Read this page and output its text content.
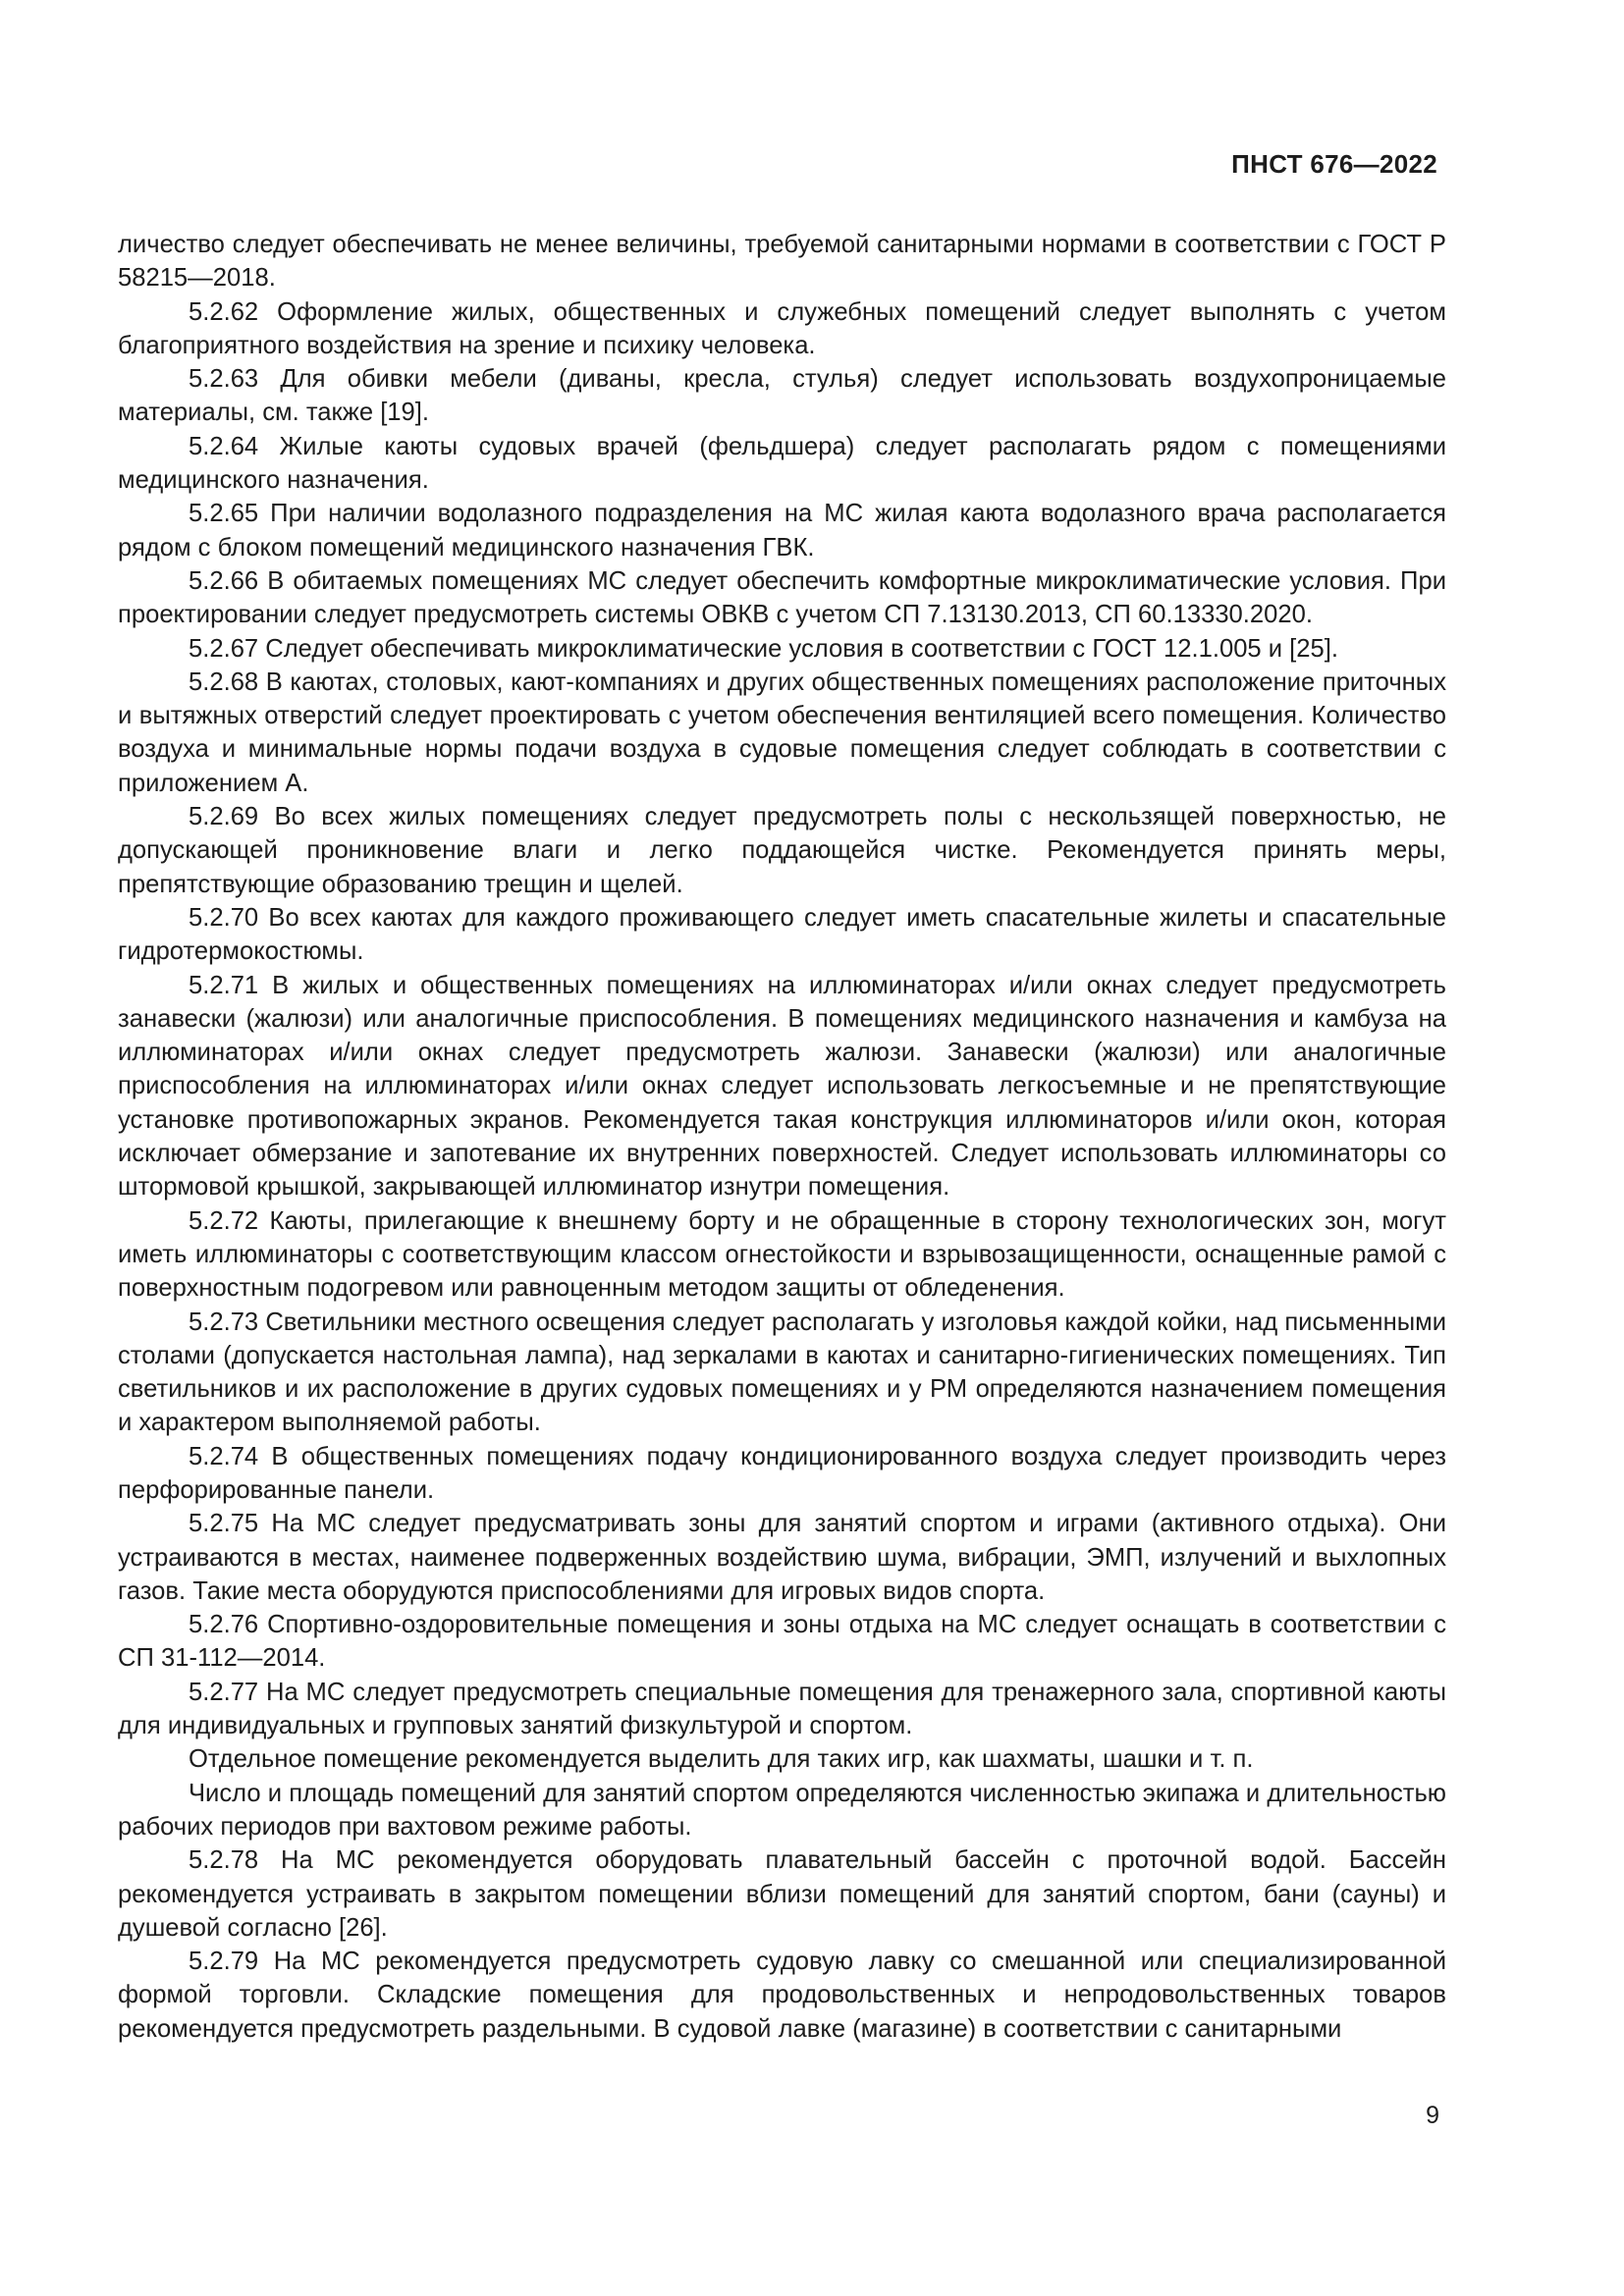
ПНСТ 676—2022

личество следует обеспечивать не менее величины, требуемой санитарными нормами в соответствии с ГОСТ Р 58215—2018.

5.2.62 Оформление жилых, общественных и служебных помещений следует выполнять с учетом благоприятного воздействия на зрение и психику человека.

5.2.63 Для обивки мебели (диваны, кресла, стулья) следует использовать воздухопроницаемые материалы, см. также [19].

5.2.64 Жилые каюты судовых врачей (фельдшера) следует располагать рядом с помещениями медицинского назначения.

5.2.65 При наличии водолазного подразделения на МС жилая каюта водолазного врача располагается рядом с блоком помещений медицинского назначения ГВК.

5.2.66 В обитаемых помещениях МС следует обеспечить комфортные микроклиматические условия. При проектировании следует предусмотреть системы ОВКВ с учетом СП 7.13130.2013, СП 60.13330.2020.

5.2.67 Следует обеспечивать микроклиматические условия в соответствии с ГОСТ 12.1.005 и [25].

5.2.68 В каютах, столовых, кают-компаниях и других общественных помещениях расположение приточных и вытяжных отверстий следует проектировать с учетом обеспечения вентиляцией всего помещения. Количество воздуха и минимальные нормы подачи воздуха в судовые помещения следует соблюдать в соответствии с приложением А.

5.2.69 Во всех жилых помещениях следует предусмотреть полы с нескользящей поверхностью, не допускающей проникновение влаги и легко поддающейся чистке. Рекомендуется принять меры, препятствующие образованию трещин и щелей.

5.2.70 Во всех каютах для каждого проживающего следует иметь спасательные жилеты и спасательные гидротермокостюмы.

5.2.71 В жилых и общественных помещениях на иллюминаторах и/или окнах следует предусмотреть занавески (жалюзи) или аналогичные приспособления. В помещениях медицинского назначения и камбуза на иллюминаторах и/или окнах следует предусмотреть жалюзи. Занавески (жалюзи) или аналогичные приспособления на иллюминаторах и/или окнах следует использовать легкосъемные и не препятствующие установке противопожарных экранов. Рекомендуется такая конструкция иллюминаторов и/или окон, которая исключает обмерзание и запотевание их внутренних поверхностей. Следует использовать иллюминаторы со штормовой крышкой, закрывающей иллюминатор изнутри помещения.

5.2.72 Каюты, прилегающие к внешнему борту и не обращенные в сторону технологических зон, могут иметь иллюминаторы с соответствующим классом огнестойкости и взрывозащищенности, оснащенные рамой с поверхностным подогревом или равноценным методом защиты от обледенения.

5.2.73 Светильники местного освещения следует располагать у изголовья каждой койки, над письменными столами (допускается настольная лампа), над зеркалами в каютах и санитарно-гигиенических помещениях. Тип светильников и их расположение в других судовых помещениях и у РМ определяются назначением помещения и характером выполняемой работы.

5.2.74 В общественных помещениях подачу кондиционированного воздуха следует производить через перфорированные панели.

5.2.75 На МС следует предусматривать зоны для занятий спортом и играми (активного отдыха). Они устраиваются в местах, наименее подверженных воздействию шума, вибрации, ЭМП, излучений и выхлопных газов. Такие места оборудуются приспособлениями для игровых видов спорта.

5.2.76 Спортивно-оздоровительные помещения и зоны отдыха на МС следует оснащать в соответствии с СП 31-112—2014.

5.2.77 На МС следует предусмотреть специальные помещения для тренажерного зала, спортивной каюты для индивидуальных и групповых занятий физкультурой и спортом.

Отдельное помещение рекомендуется выделить для таких игр, как шахматы, шашки и т. п.

Число и площадь помещений для занятий спортом определяются численностью экипажа и длительностью рабочих периодов при вахтовом режиме работы.

5.2.78 На МС рекомендуется оборудовать плавательный бассейн с проточной водой. Бассейн рекомендуется устраивать в закрытом помещении вблизи помещений для занятий спортом, бани (сауны) и душевой согласно [26].

5.2.79 На МС рекомендуется предусмотреть судовую лавку со смешанной или специализированной формой торговли. Складские помещения для продовольственных и непродовольственных товаров рекомендуется предусмотреть раздельными. В судовой лавке (магазине) в соответствии с санитарными

9
